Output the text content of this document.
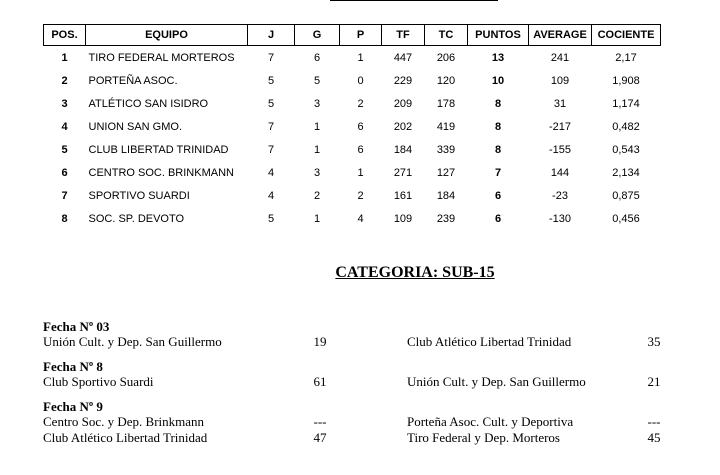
POS.	EQUIPO	J	G	P	TF	TC	PUNTOS	AVERAGE	COCIENTE
1	TIRO FEDERAL MORTEROS	7	6	1	447	206	13	241	2,17
2	PORTEÑA ASOC.	5	5	0	229	120	10	109	1,908
3	ATLÉTICO SAN ISIDRO	5	3	2	209	178	8	31	1,174
4	UNION SAN GMO.	7	1	6	202	419	8	-217	0,482
5	CLUB LIBERTAD TRINIDAD	7	1	6	184	339	8	-155	0,543
6	CENTRO SOC. BRINKMANN	4	3	1	271	127	7	144	2,134
7	SPORTIVO SUARDI	4	2	2	161	184	6	-23	0,875
8	SOC. SP. DEVOTO	5	1	4	109	239	6	-130	0,456
CATEGORIA: SUB-15
Fecha Nº 03
Unión Cult. y Dep. San Guillermo	19	Club Atlético Libertad Trinidad	35
Fecha Nº 8
Club Sportivo Suardi	61	Unión Cult. y Dep. San Guillermo	21
Fecha Nº 9
Centro Soc. y Dep. Brinkmann	---	Porteña Asoc. Cult. y Deportiva	---
Club Atlético Libertad Trinidad	47	Tiro Federal y Dep. Morteros	45
